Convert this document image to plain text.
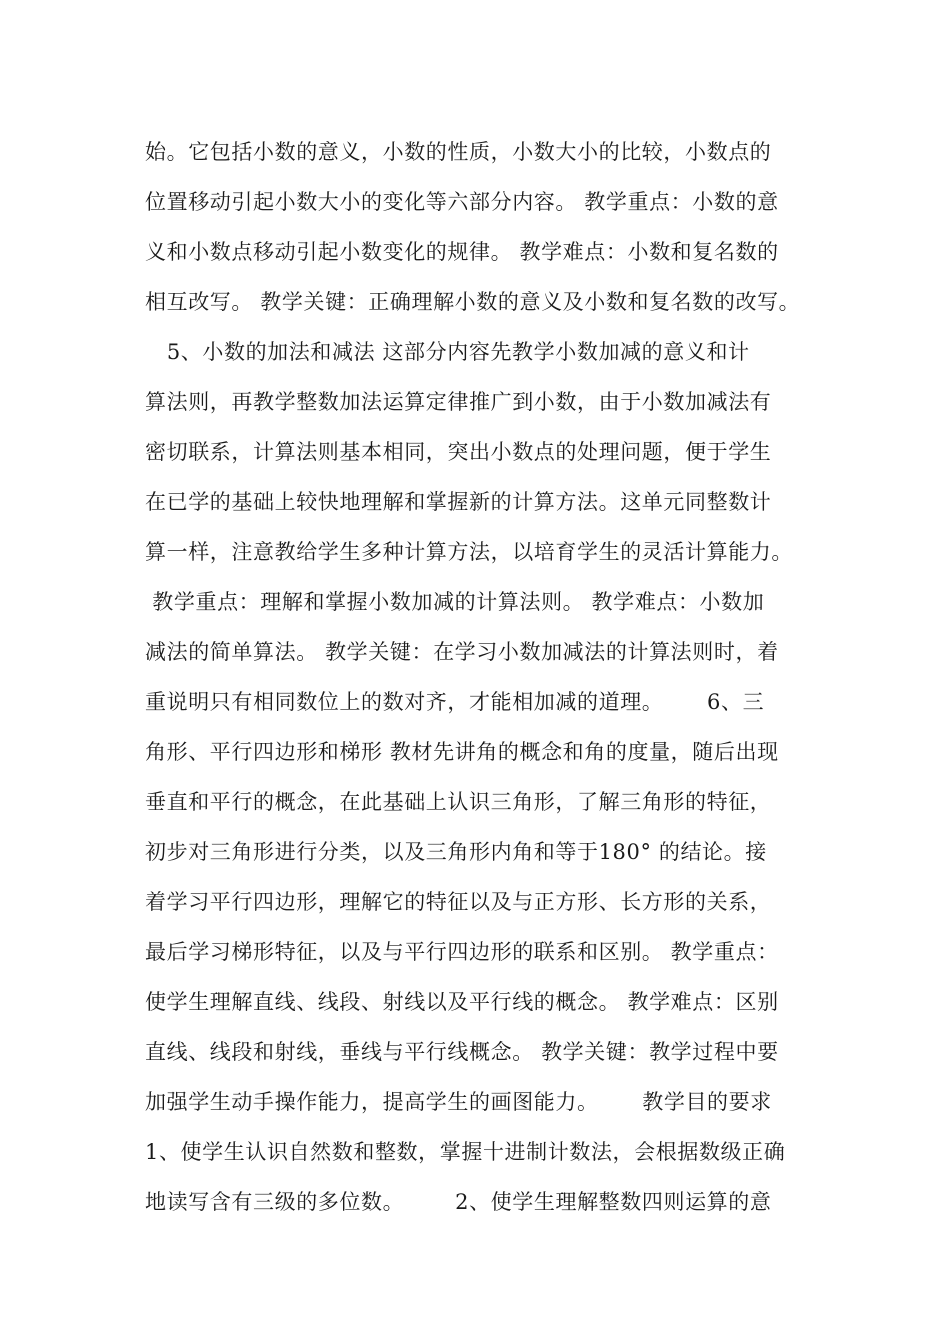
始。它包括小数的意义，小数的性质，小数大小的比较，小数点的
位置移动引起小数大小的变化等六部分内容。 教学重点：小数的意
义和小数点移动引起小数变化的规律。 教学难点：小数和复名数的
相互改写。 教学关键：正确理解小数的意义及小数和复名数的改写。
5、小数的加法和减法 这部分内容先教学小数加减的意义和计
算法则，再教学整数加法运算定律推广到小数，由于小数加减法有
密切联系，计算法则基本相同，突出小数点的处理问题，便于学生
在已学的基础上较快地理解和掌握新的计算方法。这单元同整数计
算一样，注意教给学生多种计算方法，以培育学生的灵活计算能力。
教学重点：理解和掌握小数加减的计算法则。 教学难点：小数加
减法的简单算法。 教学关键：在学习小数加减法的计算法则时，着
重说明只有相同数位上的数对齐，才能相加减的道理。      6、三
角形、平行四边形和梯形 教材先讲角的概念和角的度量，随后出现
垂直和平行的概念，在此基础上认识三角形，了解三角形的特征，
初步对三角形进行分类，以及三角形内角和等于180° 的结论。接
着学习平行四边形，理解它的特征以及与正方形、长方形的关系，
最后学习梯形特征，以及与平行四边形的联系和区别。 教学重点：
使学生理解直线、线段、射线以及平行线的概念。 教学难点：区别
直线、线段和射线，垂线与平行线概念。 教学关键：教学过程中要
加强学生动手操作能力，提高学生的画图能力。      教学目的要求
1、使学生认识自然数和整数，掌握十进制计数法，会根据数级正确
地读写含有三级的多位数。       2、使学生理解整数四则运算的意
